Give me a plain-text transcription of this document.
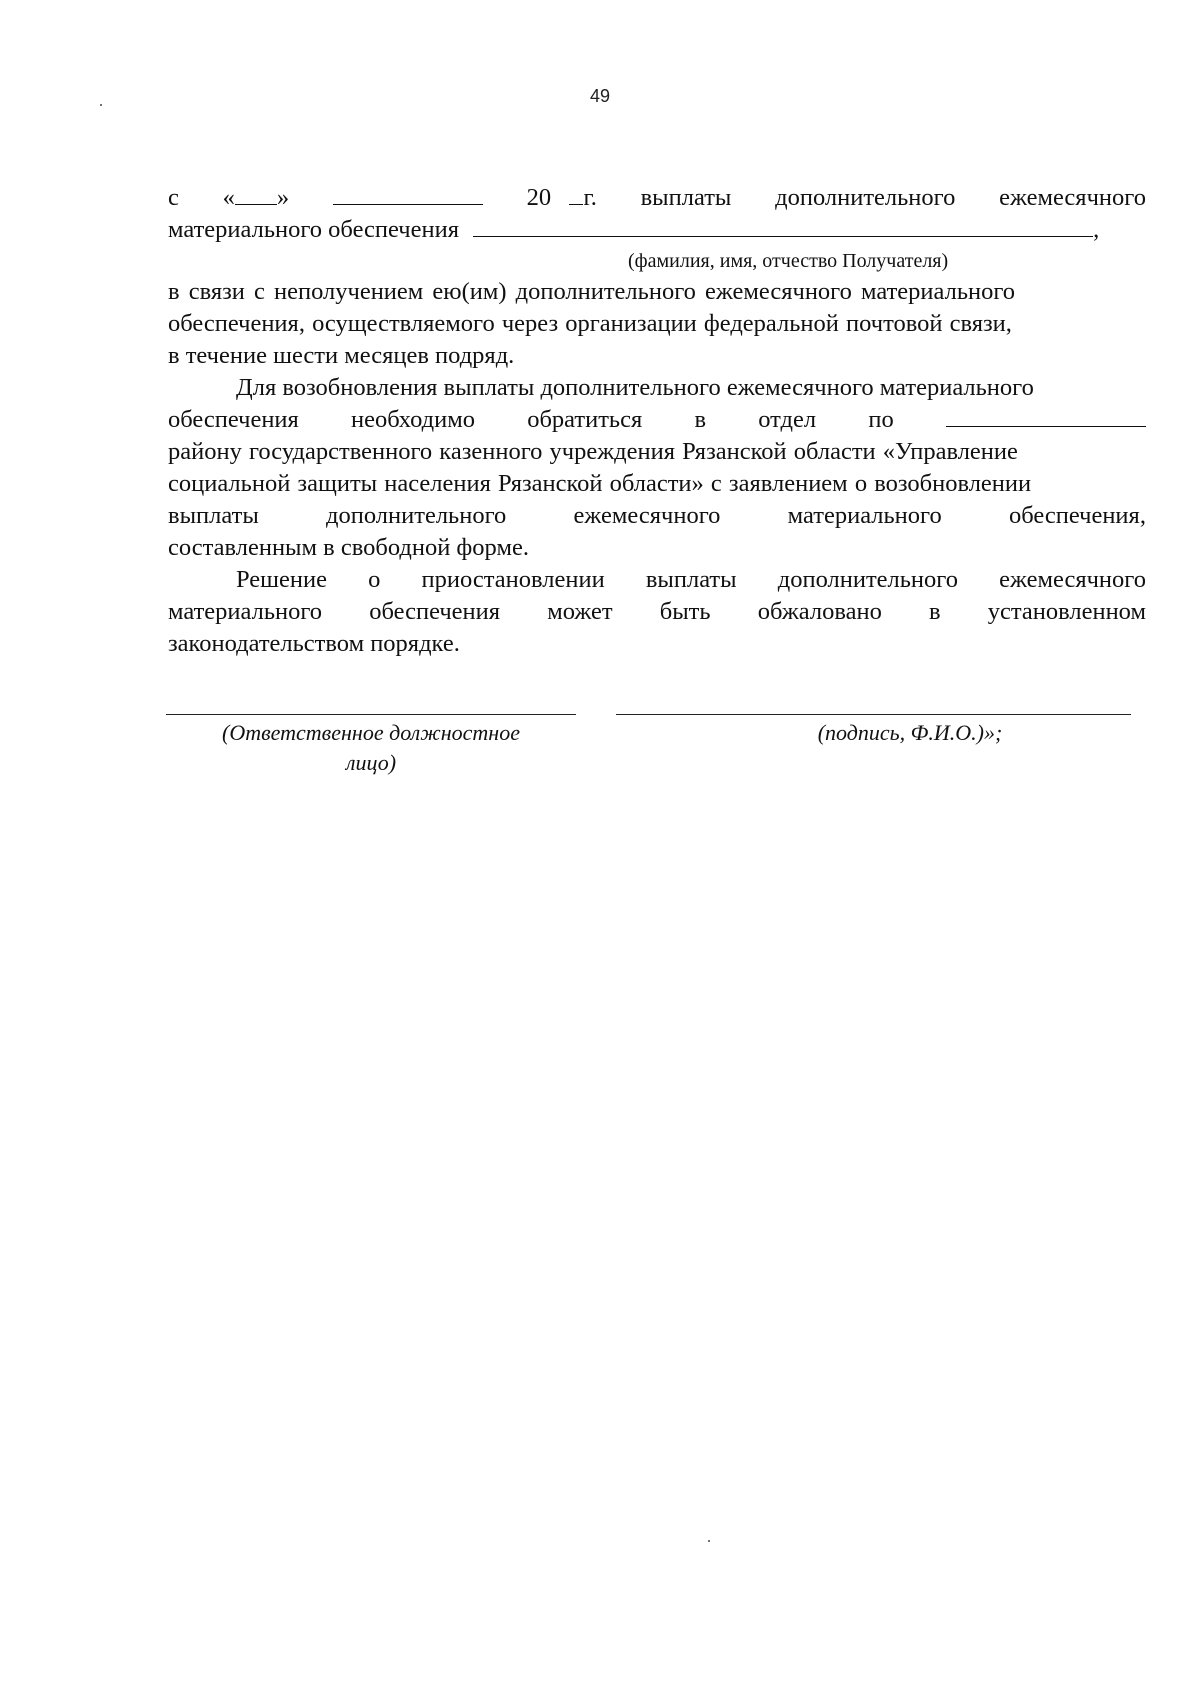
49
с « »	20 г. выплаты дополнительного ежемесячного
материального обеспечения	,
(фамилия, имя, отчество Получателя)
в связи с неполучением ею(им) дополнительного ежемесячного материального
обеспечения, осуществляемого через организации федеральной почтовой связи,
в течение шести месяцев подряд.
Для возобновления выплаты дополнительного ежемесячного материального
обеспечения необходимо обратиться в отдел по
району государственного казенного учреждения Рязанской области «Управление
социальной защиты населения Рязанской области» с заявлением о возобновлении
выплаты	дополнительного	ежемесячного	материального	обеспечения,
составленным в свободной форме.
Решение о приостановлении выплаты дополнительного ежемесячного
материального обеспечения может быть обжаловано в установленном
законодательством порядке.
(Ответственное должностное
лицо)
(подпись, Ф.И.О.)»;
